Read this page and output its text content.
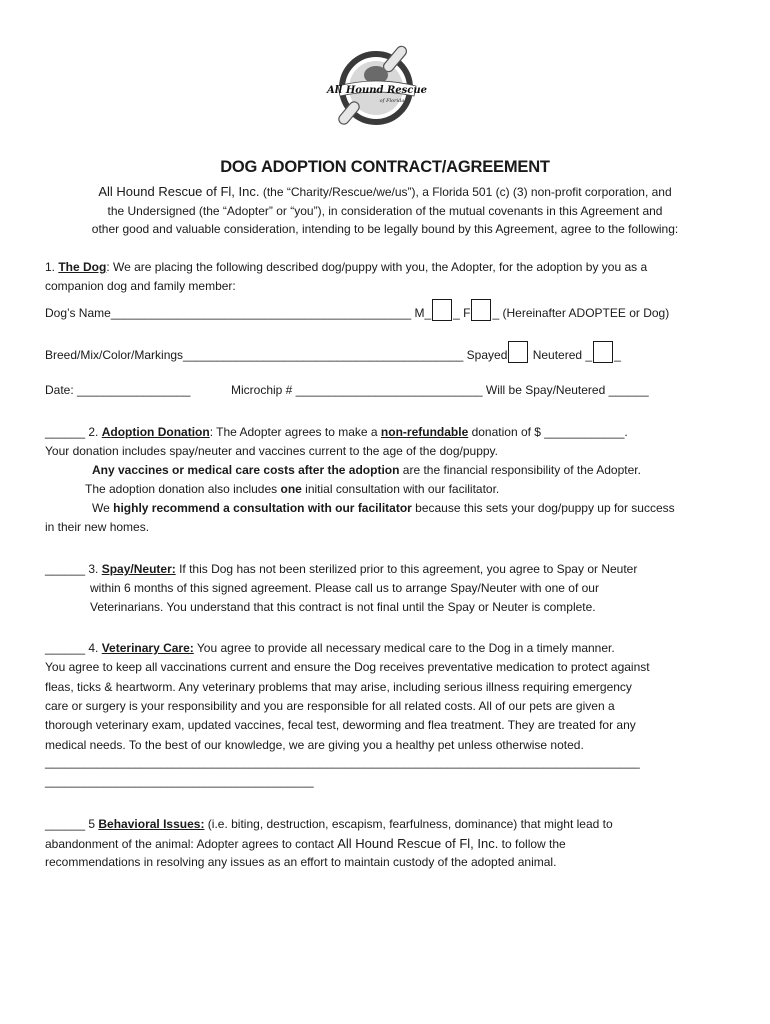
All Hound Rescue
of Florida
DOG ADOPTION CONTRACT/AGREEMENT
All Hound Rescue of Fl, Inc. (the “Charity/Rescue/we/us”), a Florida 501 (c) (3) non-profit corporation, and
the Undersigned (the “Adopter” or “you”), in consideration of the mutual covenants in this Agreement and
other good and valuable consideration, intending to be legally bound by this Agreement, agree to the following:
1. The Dog: We are placing the following described dog/puppy with you, the Adopter, for the adoption by you as a
companion dog and family member:
Dog’s Name_____________________________________________ M_ _ F _ (Hereinafter ADOPTEE or Dog)
Breed/Mix/Color/Markings__________________________________________ Spayed Neutered _ _
Date: _________________	Microchip # ____________________________ Will be Spay/Neutered ______
______ 2. Adoption Donation: The Adopter agrees to make a non-refundable donation of $ ____________.
Your donation includes spay/neuter and vaccines current to the age of the dog/puppy.
Any vaccines or medical care costs after the adoption are the financial responsibility of the Adopter.
The adoption donation also includes one initial consultation with our facilitator.
We highly recommend a consultation with our facilitator because this sets your dog/puppy up for success
in their new homes.
______ 3. Spay/Neuter: If this Dog has not been sterilized prior to this agreement, you agree to Spay or Neuter
within 6 months of this signed agreement. Please call us to arrange Spay/Neuter with one of our
Veterinarians. You understand that this contract is not final until the Spay or Neuter is complete.
______ 4. Veterinary Care: You agree to provide all necessary medical care to the Dog in a timely manner.
You agree to keep all vaccinations current and ensure the Dog receives preventative medication to protect against
fleas, ticks & heartworm. Any veterinary problems that may arise, including serious illness requiring emergency
care or surgery is your responsibility and you are responsible for all related costs. All of our pets are given a
thorough veterinary exam, updated vaccines, fecal test, deworming and flea treatment. They are treated for any
medical needs. To the best of our knowledge, we are giving you a healthy pet unless otherwise noted.
_____________________________________________________________________________________________
__________________________________________
______ 5 Behavioral Issues: (i.e. biting, destruction, escapism, fearfulness, dominance) that might lead to
abandonment of the animal: Adopter agrees to contact All Hound Rescue of Fl, Inc. to follow the
recommendations in resolving any issues as an effort to maintain custody of the adopted animal.
